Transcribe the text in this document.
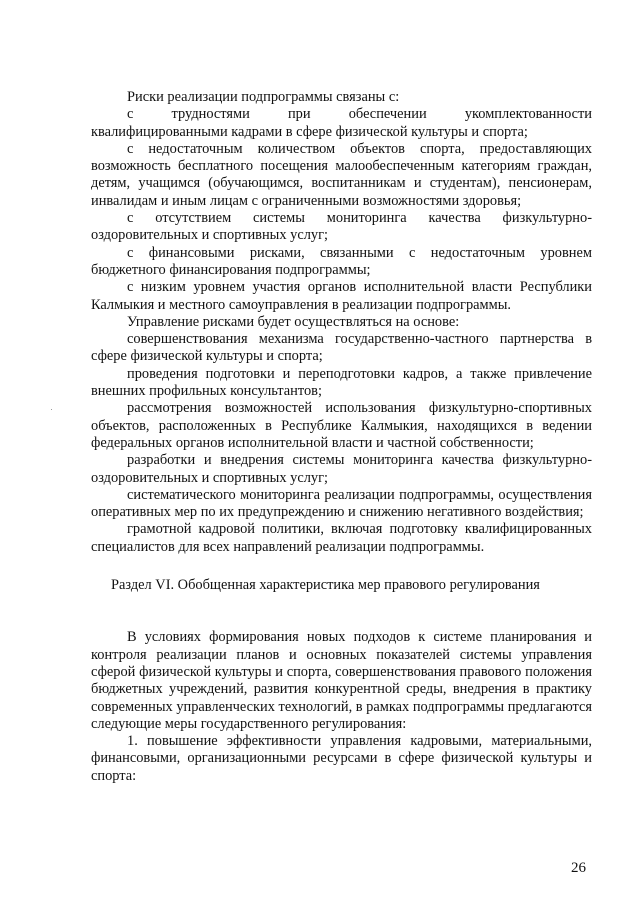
Риски реализации подпрограммы связаны с:

с трудностями при обеспечении укомплектованности квалифицированными кадрами в сфере физической культуры и спорта;

с недостаточным количеством объектов спорта, предоставляющих возможность бесплатного посещения малообеспеченным категориям граждан, детям, учащимся (обучающимся, воспитанникам и студентам), пенсионерам, инвалидам и иным лицам с ограниченными возможностями здоровья;

с отсутствием системы мониторинга качества физкультурно-оздоровительных и спортивных услуг;

с финансовыми рисками, связанными с недостаточным уровнем бюджетного финансирования подпрограммы;

с низким уровнем участия органов исполнительной власти Республики Калмыкия и местного самоуправления в реализации подпрограммы.

Управление рисками будет осуществляться на основе:

совершенствования механизма государственно-частного партнерства в сфере физической культуры и спорта;

проведения подготовки и переподготовки кадров, а также привлечение внешних профильных консультантов;

рассмотрения возможностей использования физкультурно-спортивных объектов, расположенных в Республике Калмыкия, находящихся в ведении федеральных органов исполнительной власти и частной собственности;

разработки и внедрения системы мониторинга качества физкультурно-оздоровительных и спортивных услуг;

систематического мониторинга реализации подпрограммы, осуществления оперативных мер по их предупреждению и снижению негативного воздействия;

грамотной кадровой политики, включая подготовку квалифицированных специалистов для всех направлений реализации подпрограммы.

Раздел VI. Обобщенная характеристика мер правового регулирования

В условиях формирования новых подходов к системе планирования и контроля реализации планов и основных показателей системы управления сферой физической культуры и спорта, совершенствования правового положения бюджетных учреждений, развития конкурентной среды, внедрения в практику современных управленческих технологий, в рамках подпрограммы предлагаются следующие меры государственного регулирования:

1. повышение эффективности управления кадровыми, материальными, финансовыми, организационными ресурсами в сфере физической культуры и спорта:

26
